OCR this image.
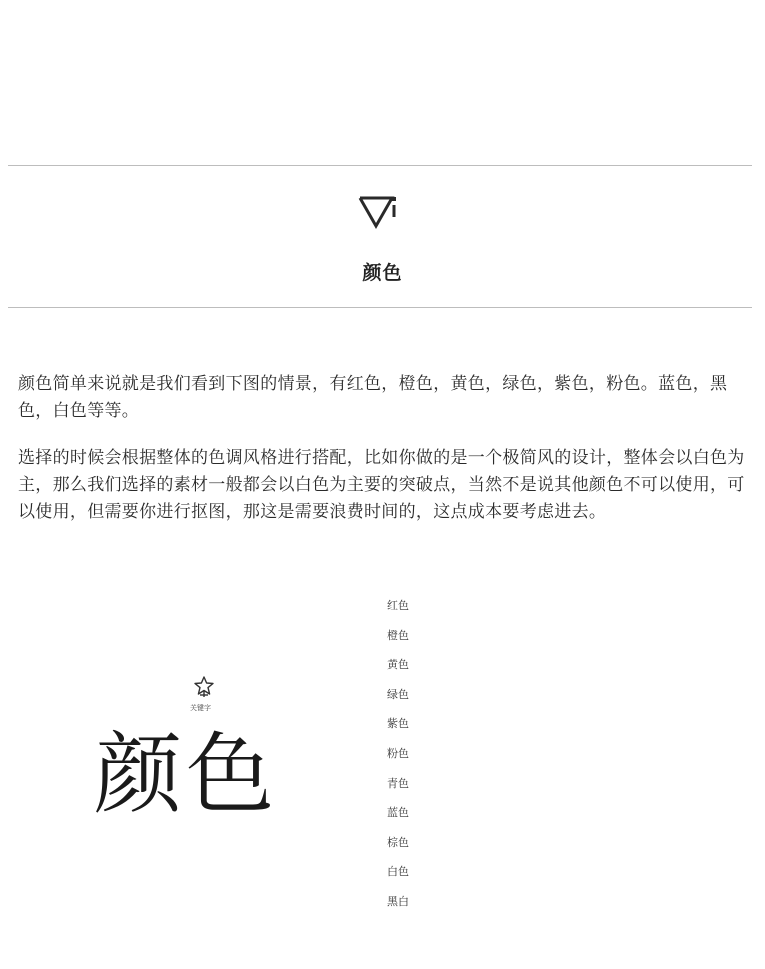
颜色

颜色简单来说就是我们看到下图的情景，有红色，橙色，黄色，绿色，紫色，粉色。蓝色，黑色，白色等等。

选择的时候会根据整体的色调风格进行搭配，比如你做的是一个极简风的设计，整体会以白色为主，那么我们选择的素材一般都会以白色为主要的突破点，当然不是说其他颜色不可以使用，可以使用，但需要你进行抠图，那这是需要浪费时间的，这点成本要考虑进去。

红色
橙色
黄色
绿色
紫色
粉色
青色
蓝色
棕色
白色
黑白
关键字
颜色
